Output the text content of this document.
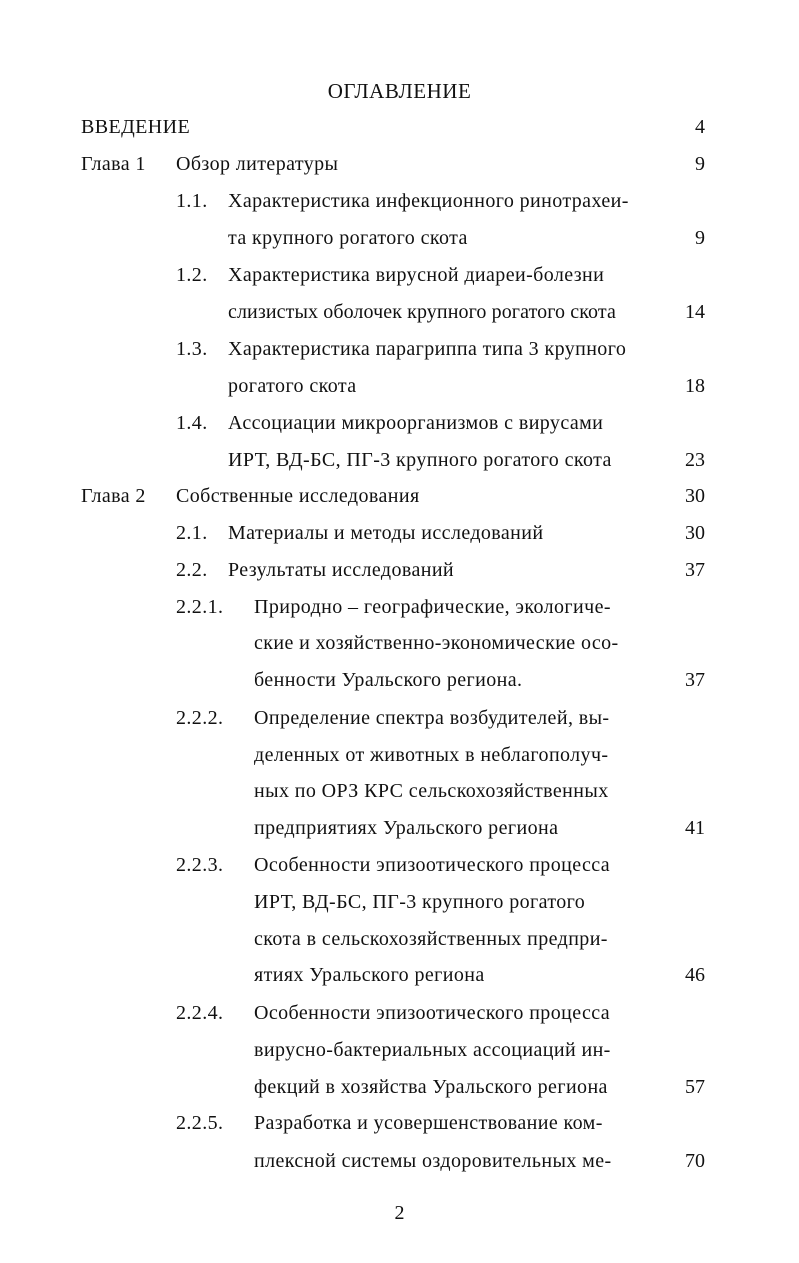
ОГЛАВЛЕНИЕ
ВВЕДЕНИЕ	4
Глава 1 Обзор литературы	9
1.1. Характеристика инфекционного ринотрахеи-
та крупного рогатого скота	9
1.2. Характеристика вирусной диареи-болезни
слизистых оболочек крупного рогатого скота	14
1.3. Характеристика парагриппа типа 3 крупного
рогатого скота	18
1.4. Ассоциации микроорганизмов с вирусами
ИРТ, ВД-БС, ПГ-3 крупного рогатого скота	23
Глава 2 Собственные исследования	30
2.1. Материалы и методы исследований	30
2.2. Результаты исследований	37
2.2.1. Природно – географические, экологиче-
ские и хозяйственно-экономические осо-
бенности Уральского региона.	37
2.2.2. Определение спектра возбудителей, вы-
деленных от животных в неблагополуч-
ных по ОРЗ КРС сельскохозяйственных
предприятиях Уральского региона	41
2.2.3. Особенности эпизоотического процесса
ИРТ, ВД-БС, ПГ-3 крупного рогатого
скота в сельскохозяйственных предпри-
ятиях Уральского региона	46
2.2.4. Особенности эпизоотического процесса
вирусно-бактериальных ассоциаций ин-
фекций в хозяйства Уральского региона	57
2.2.5. Разработка и усовершенствование ком-
плексной системы оздоровительных ме-	70
2
